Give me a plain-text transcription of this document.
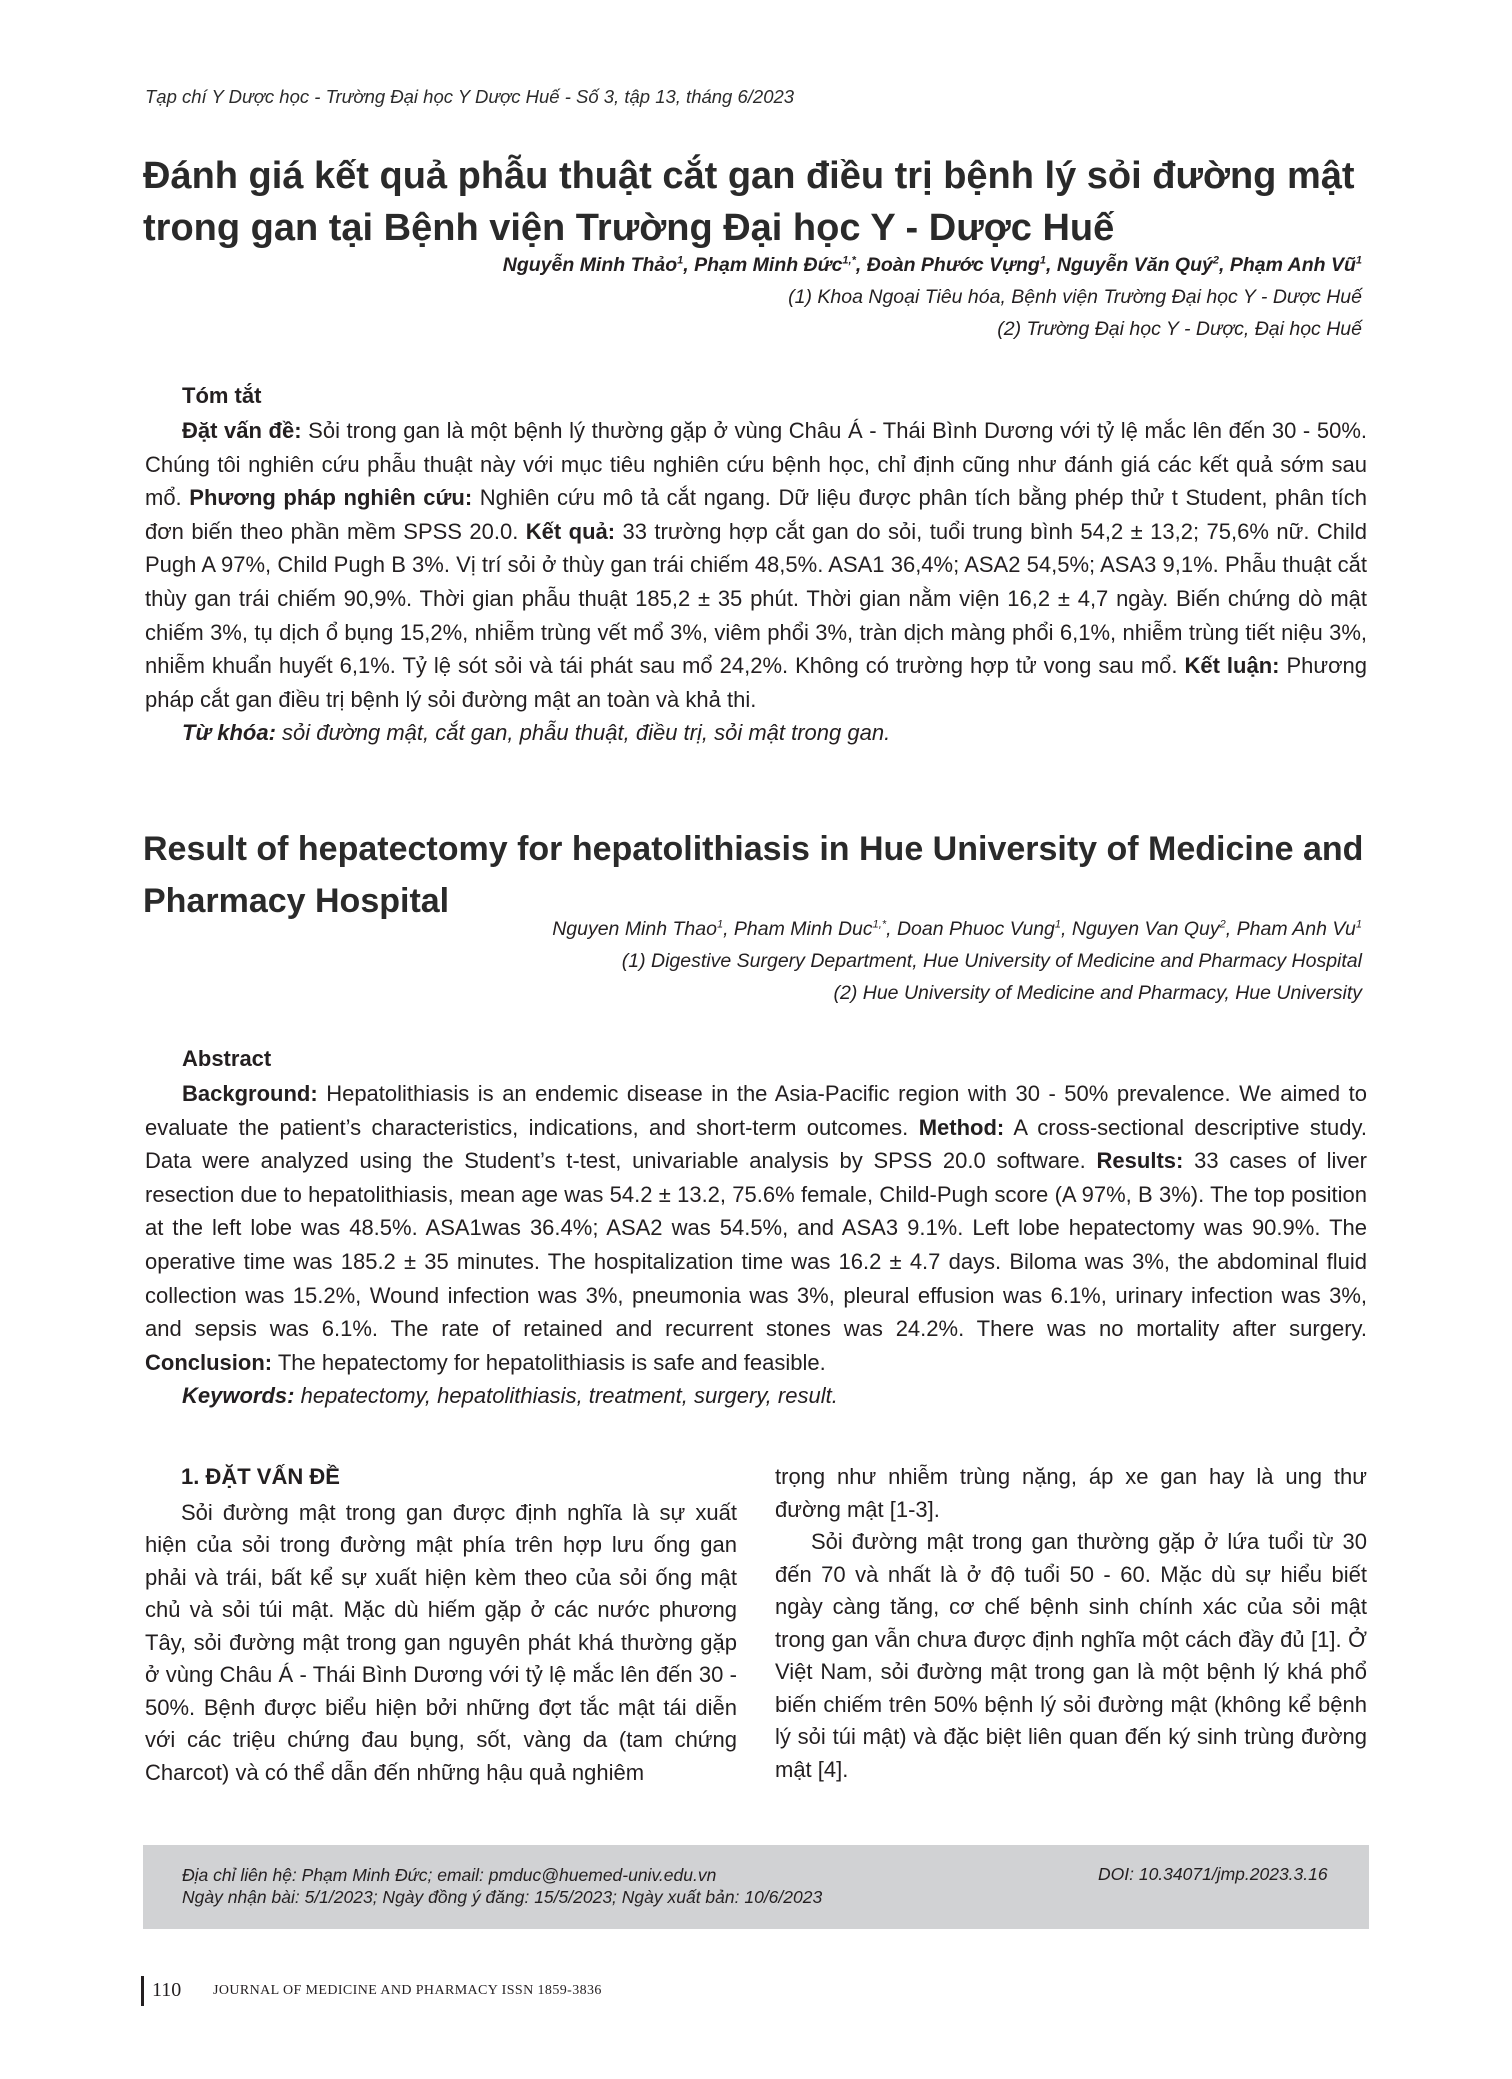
Tạp chí Y Dược học - Trường Đại học Y Dược Huế - Số 3, tập 13, tháng 6/2023
Đánh giá kết quả phẫu thuật cắt gan điều trị bệnh lý sỏi đường mật trong gan tại Bệnh viện Trường Đại học Y - Dược Huế
Nguyễn Minh Thảo$^1$, Phạm Minh Đức$^{1,*}$, Đoàn Phước Vựng$^1$, Nguyễn Văn Quý$^2$, Phạm Anh $Vũ^1$
(1) Khoa Ngoại Tiêu hóa, Bệnh viện Trường Đại học Y - Dược Huế
(2) Trường Đại học Y - Dược, Đại học Huế
Tóm tắt

Đặt vấn đề: Sỏi trong gan là một bệnh lý thường gặp ở vùng Châu Á - Thái Bình Dương với tỷ lệ mắc lên đến 30 - 50%. Chúng tôi nghiên cứu phẫu thuật này với mục tiêu nghiên cứu bệnh học, chỉ định cũng như đánh giá các kết quả sớm sau mổ. Phương pháp nghiên cứu: Nghiên cứu mô tả cắt ngang. Dữ liệu được phân tích bằng phép thử t Student, phân tích đơn biến theo phần mềm SPSS 20.0. Kết quả: 33 trường hợp cắt gan do sỏi, tuổi trung bình 54,2 ± 13,2; 75,6% nữ. Child Pugh A 97%, Child Pugh B 3%. Vị trí sỏi ở thùy gan trái chiếm 48,5%. ASA1 36,4%; ASA2 54,5%; ASA3 9,1%. Phẫu thuật cắt thùy gan trái chiếm 90,9%. Thời gian phẫu thuật 185,2 ± 35 phút. Thời gian nằm viện 16,2 ± 4,7 ngày. Biến chứng dò mật chiếm 3%, tụ dịch ổ bụng 15,2%, nhiễm trùng vết mổ 3%, viêm phổi 3%, tràn dịch màng phổi 6,1%, nhiễm trùng tiết niệu 3%, nhiễm khuẩn huyết 6,1%. Tỷ lệ sót sỏi và tái phát sau mổ 24,2%. Không có trường hợp tử vong sau mổ. Kết luận: Phương pháp cắt gan điều trị bệnh lý sỏi đường mật an toàn và khả thi.

Từ khóa: sỏi đường mật, cắt gan, phẫu thuật, điều trị, sỏi mật trong gan.

Result of hepatectomy for hepatolithiasis in Hue University of Medicine and Pharmacy Hospital
Nguyen Minh Thao$^1$, Pham Minh Duc$^{1,*}$, Doan Phuoc Vung$^1$, Nguyen Van Quy$^2$, Pham Anh Vu$^1$
(1) Digestive Surgery Department, Hue University of Medicine and Pharmacy Hospital
(2) Hue University of Medicine and Pharmacy, Hue University
Abstract

Background: Hepatolithiasis is an endemic disease in the Asia-Pacific region with 30 - 50% prevalence. We aimed to evaluate the patient’s characteristics, indications, and short-term outcomes. Method: A cross-sectional descriptive study. Data were analyzed using the Student’s t-test, univariable analysis by SPSS 20.0 software. Results: 33 cases of liver resection due to hepatolithiasis, mean age was 54.2 ± 13.2, 75.6% female, Child-Pugh score (A 97%, B 3%). The top position at the left lobe was 48.5%. ASA1was 36.4%; ASA2 was 54.5%, and ASA3 9.1%. Left lobe hepatectomy was 90.9%. The operative time was 185.2 ± 35 minutes. The hospitalization time was 16.2 ± 4.7 days. Biloma was 3%, the abdominal fluid collection was 15.2%, Wound infection was 3%, pneumonia was 3%, pleural effusion was 6.1%, urinary infection was 3%, and sepsis was 6.1%. The rate of retained and recurrent stones was 24.2%. There was no mortality after surgery. Conclusion: The hepatectomy for hepatolithiasis is safe and feasible.

Keywords: hepatectomy, hepatolithiasis, treatment, surgery, result.

1. ĐẶT VẤN ĐỀ

Sỏi đường mật trong gan được định nghĩa là sự xuất hiện của sỏi trong đường mật phía trên hợp lưu ống gan phải và trái, bất kể sự xuất hiện kèm theo của sỏi ống mật chủ và sỏi túi mật. Mặc dù hiếm gặp ở các nước phương Tây, sỏi đường mật trong gan nguyên phát khá thường gặp ở vùng Châu Á - Thái Bình Dương với tỷ lệ mắc lên đến 30 - 50%. Bệnh được biểu hiện bởi những đợt tắc mật tái diễn với các triệu chứng đau bụng, sốt, vàng da (tam chứng Charcot) và có thể dẫn đến những hậu quả nghiêm

trọng như nhiễm trùng nặng, áp xe gan hay là ung thư đường mật [1-3].

Sỏi đường mật trong gan thường gặp ở lứa tuổi từ 30 đến 70 và nhất là ở độ tuổi 50 - 60. Mặc dù sự hiểu biết ngày càng tăng, cơ chế bệnh sinh chính xác của sỏi mật trong gan vẫn chưa được định nghĩa một cách đầy đủ [1]. Ở Việt Nam, sỏi đường mật trong gan là một bệnh lý khá phổ biến chiếm trên 50% bệnh lý sỏi đường mật (không kể bệnh lý sỏi túi mật) và đặc biệt liên quan đến ký sinh trùng đường mật [4].

Địa chỉ liên hệ: Phạm Minh Đức; email: pmduc@huemed-univ.edu.vn
Ngày nhận bài: 5/1/2023; Ngày đồng ý đăng: 15/5/2023; Ngày xuất bản: 10/6/2023
DOI: 10.34071/jmp.2023.3.16
110 JOURNAL OF MEDICINE AND PHARMACY ISSN 1859-3836
